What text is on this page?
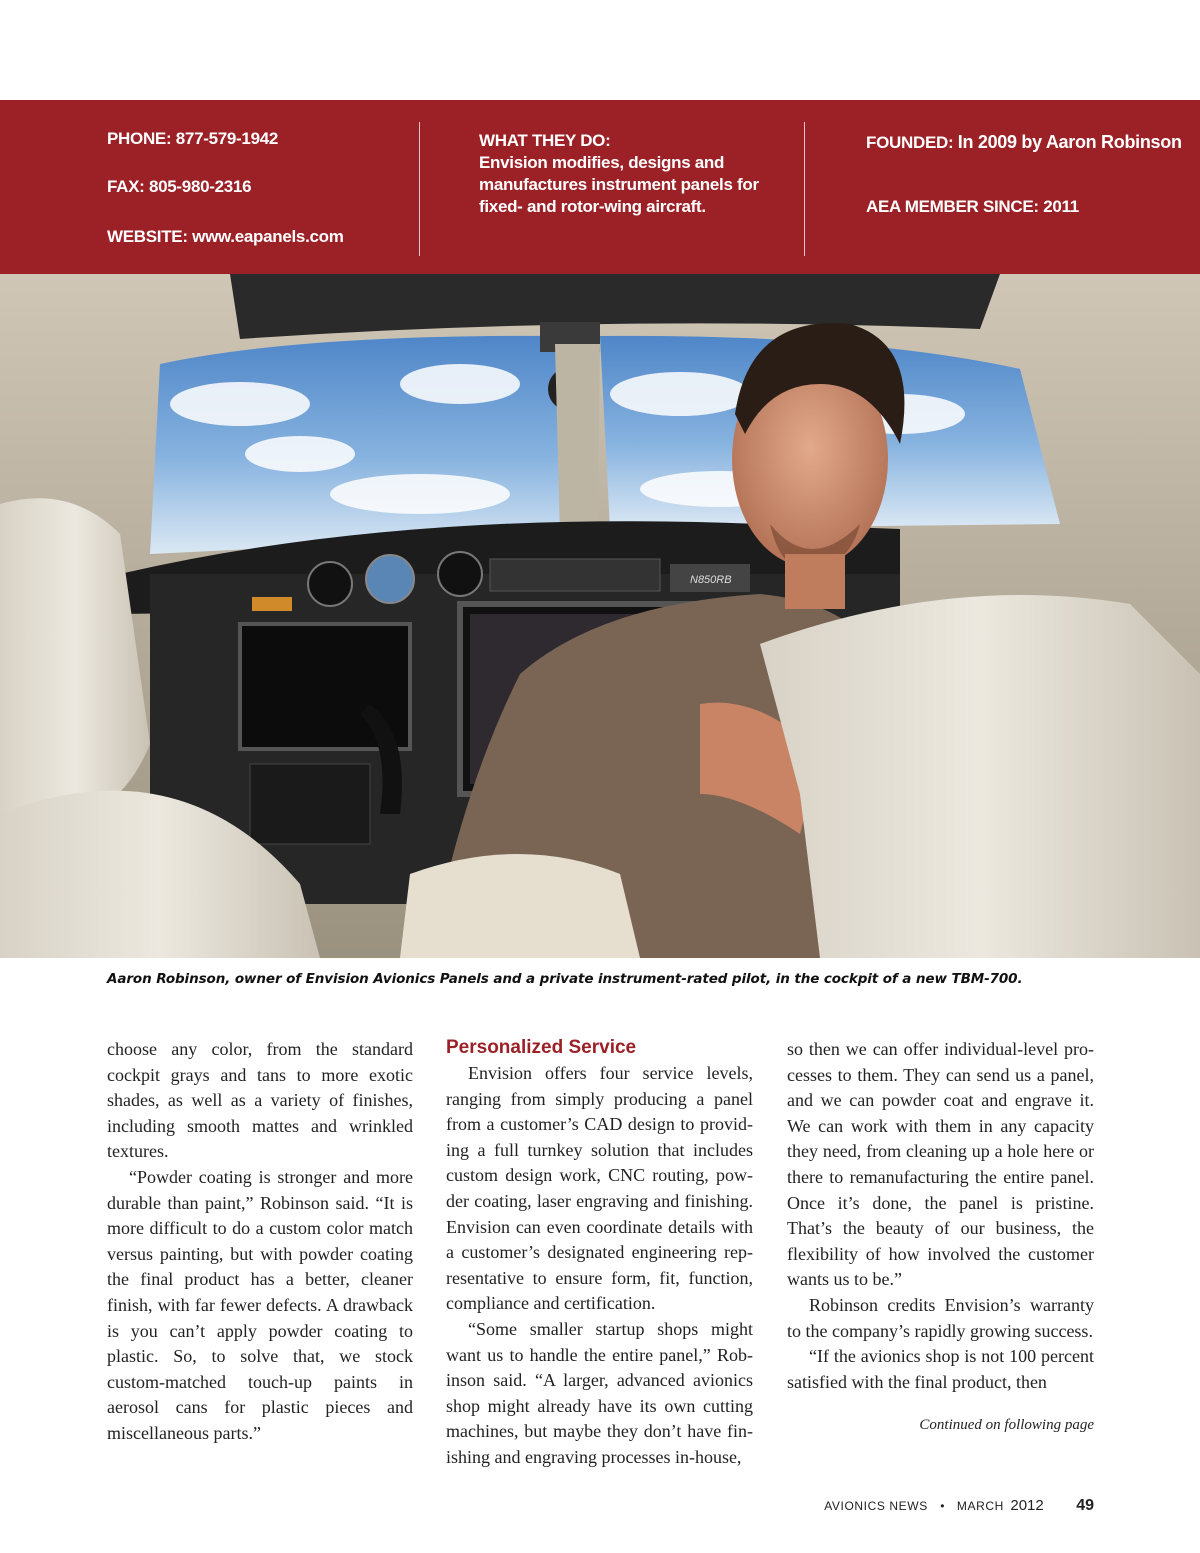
PHONE: 877-579-1942
FAX: 805-980-2316
WEBSITE: www.eapanels.com
WHAT THEY DO:
Envision modifies, designs and
manufactures instrument panels for
fixed- and rotor-wing aircraft.
FOUNDED: In 2009 by Aaron Robinson
AEA MEMBER SINCE: 2011
N850RB
Aaron Robinson, owner of Envision Avionics Panels and a private instrument-rated pilot, in the cockpit of a new TBM-700.

choose any color, from the standard cockpit grays and tans to more exotic shades, as well as a variety of finishes, including smooth mattes and wrinkled textures.

“Powder coating is stronger and more durable than paint,” Robinson said. “It is more difficult to do a custom color match versus painting, but with powder coating the final product has a better, cleaner finish, with far fewer defects. A drawback is you can’t apply powder coating to plastic. So, to solve that, we stock custom-matched touch-up paints in aerosol cans for plastic pieces and miscellaneous parts.”

Personalized Service

Envision offers four service levels, ranging from simply producing a panel from a customer’s CAD design to providing a full turnkey solution that includes custom design work, CNC routing, powder coating, laser engraving and finishing. Envision can even coordinate details with a customer’s designated engineering representative to ensure form, fit, function, compliance and certification.

“Some smaller startup shops might want us to handle the entire panel,” Robinson said. “A larger, advanced avionics shop might already have its own cutting machines, but maybe they don’t have finishing and engraving processes in-house,

so then we can offer individual-level processes to them. They can send us a panel, and we can powder coat and engrave it. We can work with them in any capacity they need, from cleaning up a hole here or there to remanufacturing the entire panel. Once it’s done, the panel is pristine. That’s the beauty of our business, the flexibility of how involved the customer wants us to be.”

Robinson credits Envision’s warranty to the company’s rapidly growing success.

“If the avionics shop is not 100 percent satisfied with the final product, then

Continued on following page
AVIONICS NEWS • MARCH 2012 49
